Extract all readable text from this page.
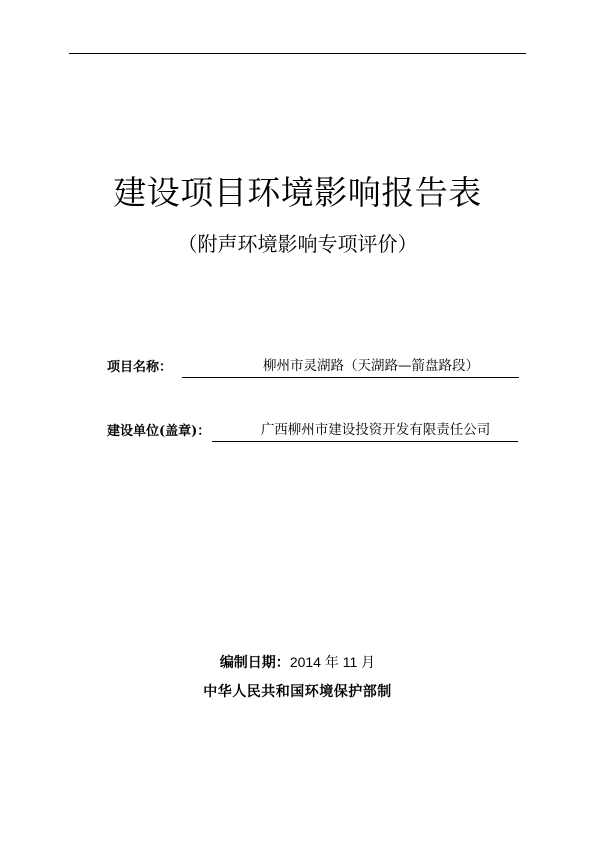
建设项目环境影响报告表
（附声环境影响专项评价）
项目名称：	柳州市灵湖路（天湖路—箭盘路段）
建设单位(盖章)：	广西柳州市建设投资开发有限责任公司
编制日期：2014 年 11 月
中华人民共和国环境保护部制
